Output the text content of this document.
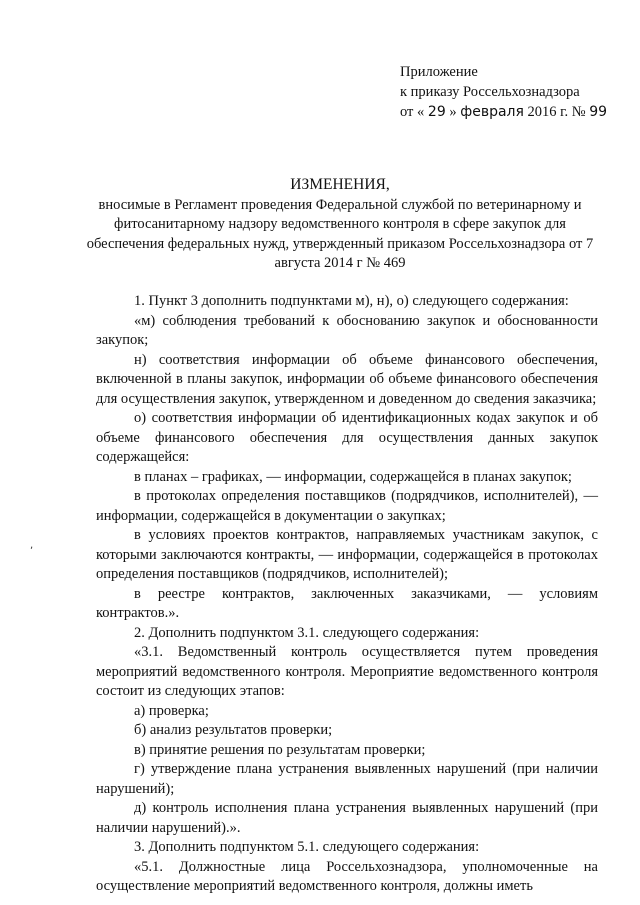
Приложение
к приказу Россельхознадзора
от « 29 » февраля 2016 г. № 99
ИЗМЕНЕНИЯ,
вносимые в Регламент проведения Федеральной службой по ветеринарному и фитосанитарному надзору ведомственного контроля в сфере закупок для обеспечения федеральных нужд, утвержденный приказом Россельхознадзора от 7 августа 2014 г № 469

1. Пункт 3 дополнить подпунктами м), н), о) следующего содержания:

«м) соблюдения требований к обоснованию закупок и обоснованности закупок;

н) соответствия информации об объеме финансового обеспечения, включенной в планы закупок, информации об объеме финансового обеспечения для осуществления закупок, утвержденном и доведенном до сведения заказчика;

о) соответствия информации об идентификационных кодах закупок и об объеме финансового обеспечения для осуществления данных закупок содержащейся:

в планах – графиках, — информации, содержащейся в планах закупок;

в протоколах определения поставщиков (подрядчиков, исполнителей), — информации, содержащейся в документации о закупках;

в условиях проектов контрактов, направляемых участникам закупок, с которыми заключаются контракты, — информации, содержащейся в протоколах определения поставщиков (подрядчиков, исполнителей);

в реестре контрактов, заключенных заказчиками, — условиям контрактов.».

2. Дополнить подпунктом 3.1. следующего содержания:

«3.1. Ведомственный контроль осуществляется путем проведения мероприятий ведомственного контроля. Мероприятие ведомственного контроля состоит из следующих этапов:

а) проверка;

б) анализ результатов проверки;

в) принятие решения по результатам проверки;

г) утверждение плана устранения выявленных нарушений (при наличии нарушений);

д) контроль исполнения плана устранения выявленных нарушений (при наличии нарушений).».

3. Дополнить подпунктом 5.1. следующего содержания:

«5.1. Должностные лица Россельхознадзора, уполномоченные на осуществление мероприятий ведомственного контроля, должны иметь

,
